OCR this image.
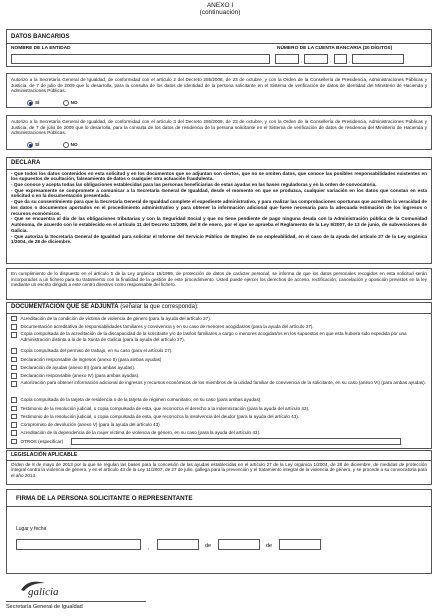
ANEXO I
(continuación)
DATOS BANCARIOS
NOMBRE DE LA ENTIDAD	NÚMERO DE LA CUENTA BANCARIA (20 DÍGITOS)
,	,	,
Autorizo a la Secretaría General de Igualdad, de conformidad con el artículo 2 del Decreto 255/2008, de 23 de octubre, y con la Orden de la Consellería de Presidencia, Administraciones Públicas y Justicia, de 7 de julio de 2009 que lo desarrolla, para la consulta de los datos de identidad de la persona solicitante en el Sistema de verificación de datos de identidad del Ministerio de Hacienda y Administraciones Públicas.
SÍ	NO
Autorizo a la Secretaría General de Igualdad, de conformidad con el artículo 3 del Decreto 255/2008, de 23 de octubre, y con la Orden de la Consellería de Presidencia, Administraciones Públicas y Justicia, de 7 de julio de 2009 que lo desarrolla, para la consulta de los datos de residencia de la persona solicitante en el Sistema de verificación de datos de residencia del Ministerio de Hacienda y Administraciones Públicas.
SÍ	NO
DECLARA
- Que todos los datos contenidos en esta solicitud y en los documentos que se adjuntan son ciertos, que no se omiten datos, que conoce las posibles responsabilidades existentes en los supuestos de ocultación, falseamiento de datos o cualquier otra actuación fraudulenta.
- Que conoce y acepta todas las obligaciones establecidas para las personas beneficiarias de estas ayudas en las bases reguladoras y en la orden de convocatoria.
- Que expresamente se compromete a comunicar a la Secretaría General de Igualdad, desde el momento en que se produzca, cualquier variación en los datos que constan en esta solicitud o en la documentación presentada.
- Que da su consentimiento para que la Secretaría General de Igualdad complete el expediente administrativo, y para realizar las comprobaciones oportunas que acrediten la veracidad de los datos o documentos aportados en el procedimiento administrativo y para obtener la información adicional que fuese necesaria para la adecuada estimación de los ingresos o recursos económicos.
- Que se encuentra al día de las obligaciones tributarias y con la Seguridad Social y que no tiene pendiente de pago ninguna deuda con la Administración pública de la Comunidad Autónoma, de acuerdo con lo establecido en el artículo 11 del Decreto 11/2009, del 8 de enero, por el que se aprueba el Reglamento de la Ley 9/2007, de 13 de junio, de subvenciones de Galicia.
- Que autoriza la Secretaría General de Igualdad para solicitar el Informe del Servicio Público de Empleo de no empleabilidad, en el caso de la ayuda del artículo 27 de la Ley orgánica 1/2004, de 28 de diciembre.
En cumplimiento de lo dispuesto en el artículo 5 de la Ley orgánica 15/1999, de protección de datos de carácter personal, se informa de que los datos personales recogidos en esta solicitud serán incorporados a un fichero para su tratamiento con la finalidad de la gestión de este procedimiento. Usted puede ejercer los derechos de acceso, rectificación, cancelación y oposición previstos en la ley mediante un escrito dirigido a este centro directivo como responsable del fichero.
DOCUMENTACIÓN QUE SE ADJUNTA (señalar la que corresponda):
Acreditación de la condición de víctima de violencia de género (para la ayuda del artículo 27).
Documentación acreditativa de responsabilidades familiares y convivencia y en su caso de menores acogidas/os (para la ayuda del artículo 27).
Copia compulsada de la acreditación de la discapacidad de la solicitante y/o de las/los familiares a cargo o menores acogidas/os en los supuestos en que esta hubiera sido expedida por una Administración distinta a la de la Xunta de Galicia (para la ayuda del artículo 27).
Copia compulsada del permiso de trabajo, en su caso (para el artículo 27).
Declaración responsable de ingresos (anexo II) (para ambas ayudas)
Declaración de ayudas (anexo III) (para ambas ayudas).
Declaración responsable (anexo IV) (para ambas ayudas).
Autorización para obtener información adicional de ingresos y recursos económicos de los miembros de la unidad familiar de convivencia de la solicitante, en su caso (anexo VI) (para ambas ayudas).
Copia compulsada de la tarjeta de residencia o de la tarjeta de régimen comunitario, en su caso (para ambas ayudas).
Testimonio de la resolución judicial, o copia compulsada de esta, que reconozca el derecho a la indemnización (para la ayuda del artículo 43).
Testimonio de la resolución judicial, o copia compulsada de esta, que reconozca la insolvencia del deudor (para la ayuda del artículo 43).
Compromiso de devolución (anexo V) (para la ayuda del artículo 43)
Acreditación de la dependencia de la mujer víctima de violencia de género, en su caso (para la ayuda del artículo 43).
OTROS (especificar)
LEGISLACIÓN APLICABLE
Orden de 8 de mayo de 2013 por la que se regulan las bases para la concesión de las ayudas establecidas en el artículo 27 de la Ley orgánica 1/2004, de 28 de diciembre, de medidas de protección integral contra la violencia de género, y en el artículo 43 de la Ley 11/2007, de 27 de julio, gallega para la prevención y el tratamiento integral de la violencia de género, y se procede a su convocatoria para el año 2013.
FIRMA DE LA PERSONA SOLICITANTE O REPRESENTANTE
Lugar y fecha
,	de	de
galicia
Secretaría General de Igualdad
